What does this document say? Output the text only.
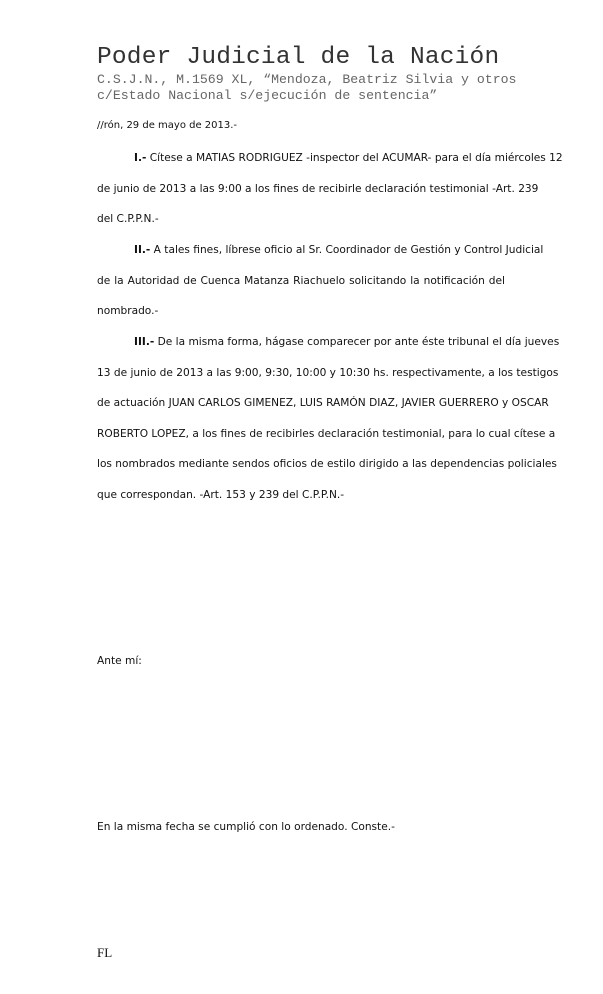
Poder Judicial de la Nación
C.S.J.N., M.1569 XL, “Mendoza, Beatriz Silvia y otros
c/Estado Nacional s/ejecución de sentencia”
//rón, 29 de mayo de 2013.-
I.- Cítese a MATIAS RODRIGUEZ -inspector del ACUMAR- para el día miércoles 12
de junio de 2013 a las 9:00 a los fines de recibirle declaración testimonial -Art. 239
del C.P.P.N.-
II.- A tales fines, líbrese oficio al Sr. Coordinador de Gestión y Control Judicial
de la Autoridad de Cuenca Matanza Riachuelo solicitando la notificación del
nombrado.-
III.- De la misma forma, hágase comparecer por ante éste tribunal el día jueves
13 de junio de 2013 a las 9:00, 9:30, 10:00 y 10:30 hs. respectivamente, a los testigos
de actuación JUAN CARLOS GIMENEZ, LUIS RAMÓN DIAZ, JAVIER GUERRERO y OSCAR
ROBERTO LOPEZ, a los fines de recibirles declaración testimonial, para lo cual cítese a
los nombrados mediante sendos oficios de estilo dirigido a las dependencias policiales
que correspondan. -Art. 153 y 239 del C.P.P.N.-
Ante mí:
En la misma fecha se cumplió con lo ordenado. Conste.-
FL
